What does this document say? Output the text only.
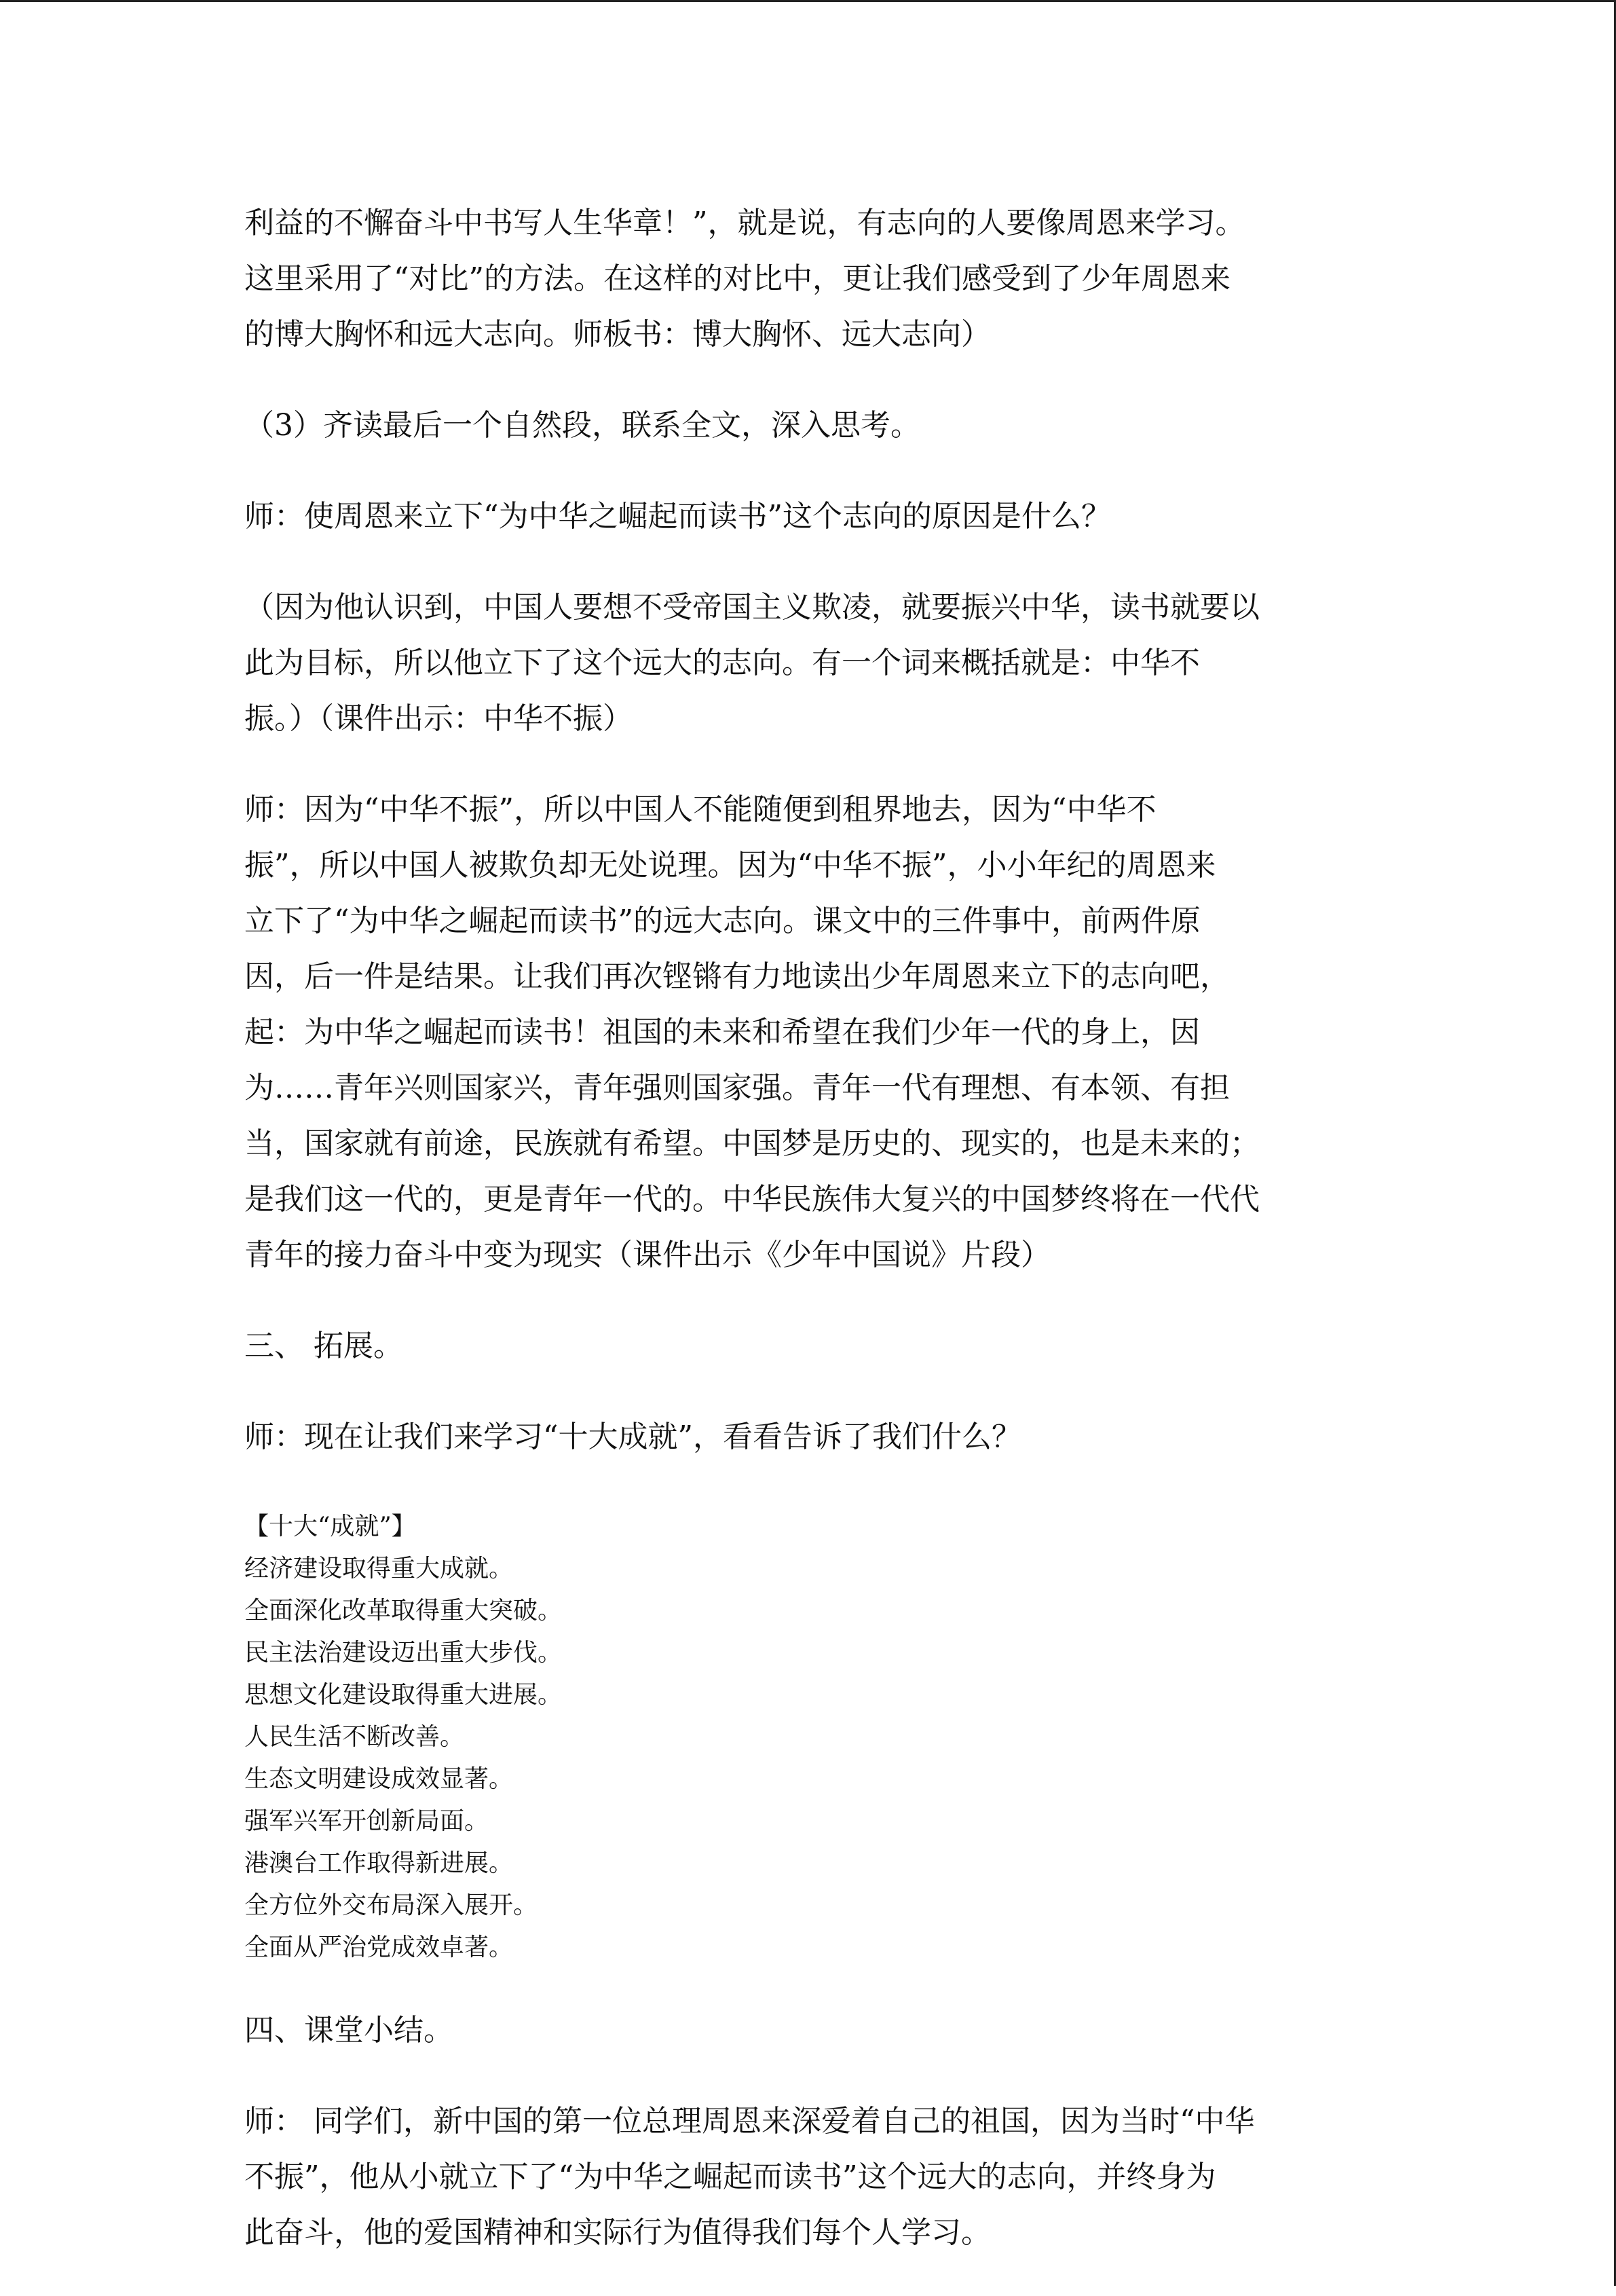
利益的不懈奋斗中书写人生华章！”，就是说，有志向的人要像周恩来学习。
这里采用了“对比”的方法。在这样的对比中，更让我们感受到了少年周恩来
的博大胸怀和远大志向。师板书：博大胸怀、远大志向）
（3）齐读最后一个自然段，联系全文，深入思考。
师：使周恩来立下“为中华之崛起而读书”这个志向的原因是什么？
（因为他认识到，中国人要想不受帝国主义欺凌，就要振兴中华，读书就要以
此为目标，所以他立下了这个远大的志向。有一个词来概括就是：中华不
振。）（课件出示：中华不振）
师：因为“中华不振”，所以中国人不能随便到租界地去，因为“中华不
振”，所以中国人被欺负却无处说理。因为“中华不振”，小小年纪的周恩来
立下了“为中华之崛起而读书”的远大志向。课文中的三件事中，前两件原
因，后一件是结果。让我们再次铿锵有力地读出少年周恩来立下的志向吧，
起：为中华之崛起而读书！祖国的未来和希望在我们少年一代的身上，因
为……青年兴则国家兴，青年强则国家强。青年一代有理想、有本领、有担
当，国家就有前途，民族就有希望。中国梦是历史的、现实的，也是未来的；
是我们这一代的，更是青年一代的。中华民族伟大复兴的中国梦终将在一代代
青年的接力奋斗中变为现实（课件出示《少年中国说》片段）
三、 拓展。
师：现在让我们来学习“十大成就”，看看告诉了我们什么？
【十大“成就”】
经济建设取得重大成就。
全面深化改革取得重大突破。
民主法治建设迈出重大步伐。
思想文化建设取得重大进展。
人民生活不断改善。
生态文明建设成效显著。
强军兴军开创新局面。
港澳台工作取得新进展。
全方位外交布局深入展开。
全面从严治党成效卓著。
四、课堂小结。
师： 同学们，新中国的第一位总理周恩来深爱着自己的祖国，因为当时“中华
不振”，他从小就立下了“为中华之崛起而读书”这个远大的志向，并终身为
此奋斗，他的爱国精神和实际行为值得我们每个人学习。
